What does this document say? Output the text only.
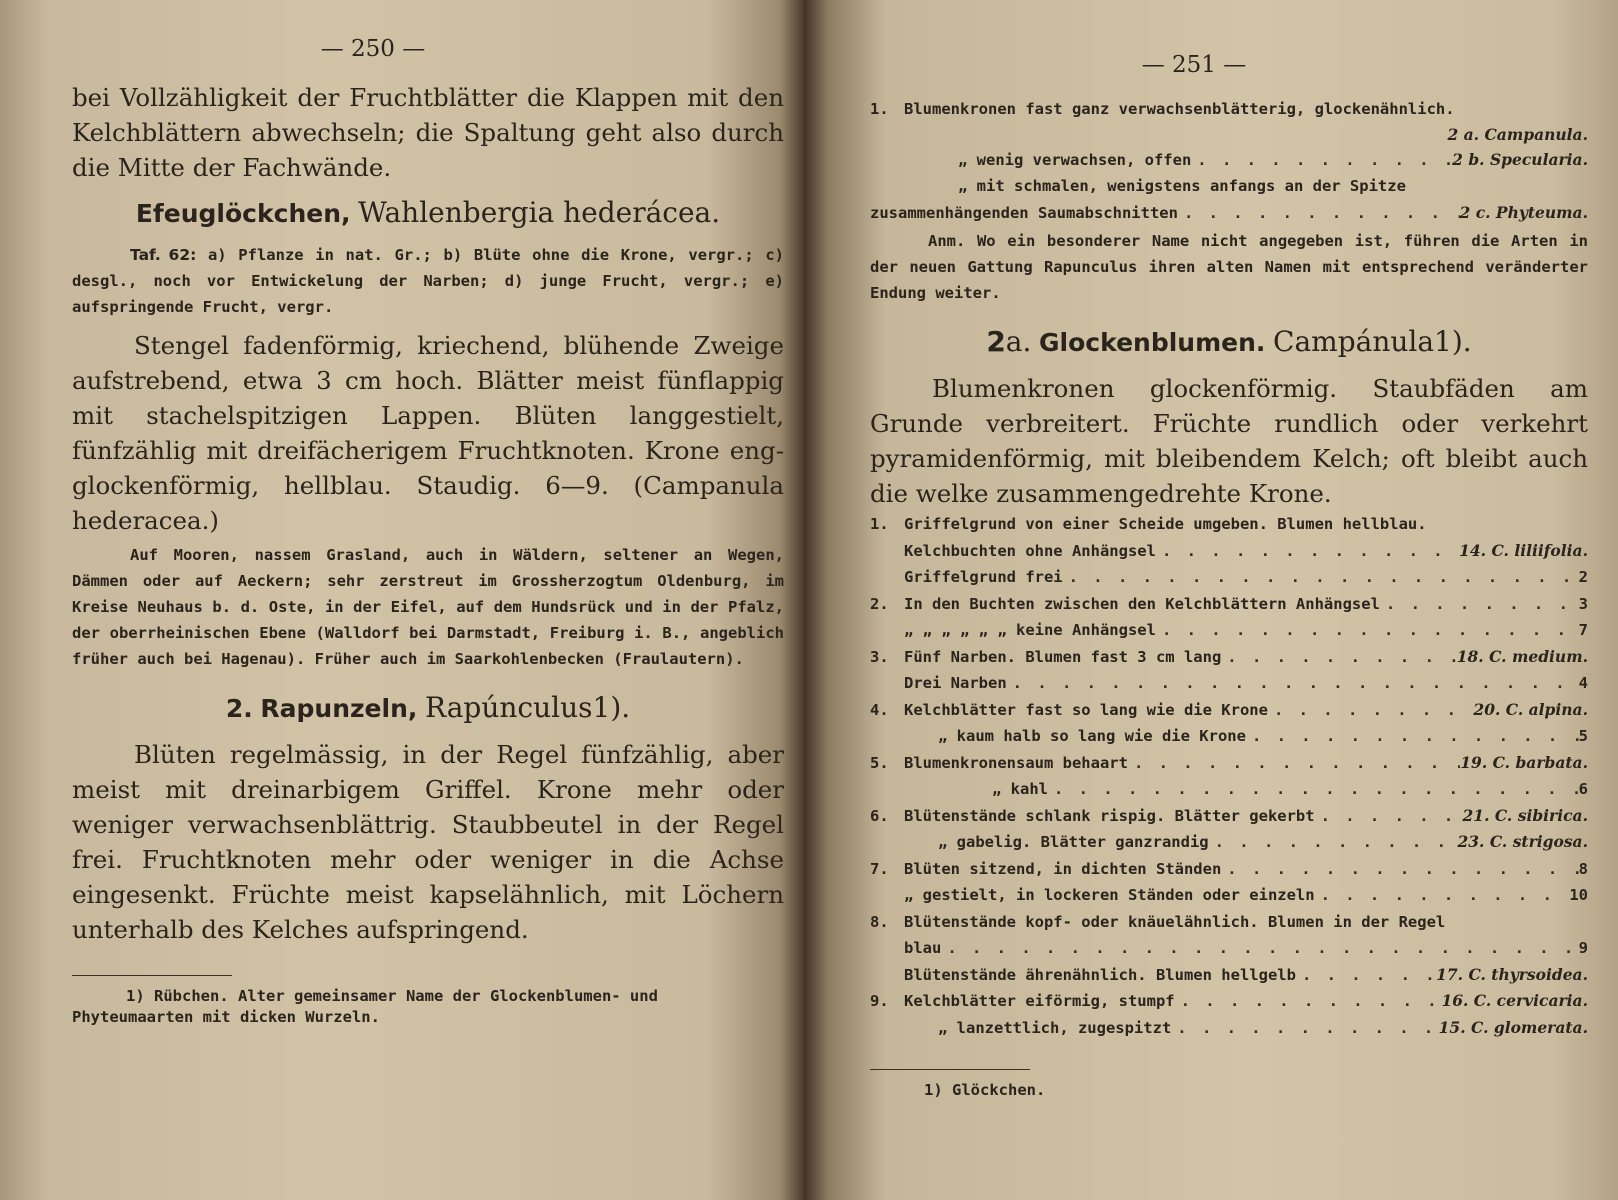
— 250 —

bei Vollzähligkeit der Fruchtblätter die Klappen mit den Kelchblättern abwechseln; die Spaltung geht also durch die Mitte der Fachwände.

Efeuglöckchen, Wahlenbergia hederácea.

Taf. 62: a) Pflanze in nat. Gr.; b) Blüte ohne die Krone, vergr.; c) desgl., noch vor Entwickelung der Narben; d) junge Frucht, vergr.; e) aufspringende Frucht, vergr.

Stengel fadenförmig, kriechend, blühende Zweige aufstrebend, etwa 3 cm hoch. Blätter meist fünflappig mit stachelspitzigen Lappen. Blüten langgestielt, fünfzählig mit dreifächerigem Fruchtknoten. Krone eng-glockenförmig, hellblau. Staudig. 6—9. (Campanula hederacea.)

Auf Mooren, nassem Grasland, auch in Wäldern, seltener an Wegen, Dämmen oder auf Aeckern; sehr zerstreut im Grossherzogtum Oldenburg, im Kreise Neuhaus b. d. Oste, in der Eifel, auf dem Hundsrück und in der Pfalz, der oberrheinischen Ebene (Walldorf bei Darmstadt, Freiburg i. B., angeblich früher auch bei Hagenau). Früher auch im Saarkohlenbecken (Fraulautern).

2. Rapunzeln, Rapúnculus1).

Blüten regelmässig, in der Regel fünfzählig, aber meist mit dreinarbigem Griffel. Krone mehr oder weniger verwachsenblättrig. Staubbeutel in der Regel frei. Fruchtknoten mehr oder weniger in die Achse eingesenkt. Früchte meist kapselähnlich, mit Löchern unterhalb des Kelches aufspringend.

1) Rübchen. Alter gemeinsamer Name der Glockenblumen- und Phyteumaarten mit dicken Wurzeln.

— 251 —
1. Blumenkronen fast ganz verwachsenblätterig, glockenähnlich.
2 a. Campanula.
„ wenig verwachsen, offen . . .	2 b. Specularia.
„ mit schmalen, wenigstens anfangs an der Spitze
zusammenhängenden Saumabschnitten . . .	2 c. Phyteuma.

Anm. Wo ein besonderer Name nicht angegeben ist, führen die Arten in der neuen Gattung Rapunculus ihren alten Namen mit entsprechend veränderter Endung weiter.

2a. Glockenblumen. Campánula1).

Blumenkronen glockenförmig. Staubfäden am Grunde verbreitert. Früchte rundlich oder verkehrt pyramidenförmig, mit bleibendem Kelch; oft bleibt auch die welke zusammengedrehte Krone.

1. Griffelgrund von einer Scheide umgeben. Blumen hellblau.
Kelchbuchten ohne Anhängsel . . .	14. C. liliifolia.
Griffelgrund frei . . .	2
2. In den Buchten zwischen den Kelchblättern Anhängsel . . .	3
„ „ „ „ „ „ keine Anhängsel . . .	7
3. Fünf Narben. Blumen fast 3 cm lang . . .	18. C. medium.
Drei Narben . . .	4
4. Kelchblätter fast so lang wie die Krone . . .	20. C. alpina.
„ kaum halb so lang wie die Krone . . .	5
5. Blumenkronensaum behaart . . .	19. C. barbata.
„ kahl . . .	6
6. Blütenstände schlank rispig. Blätter gekerbt . . .	21. C. sibirica.
„ gabelig. Blätter ganzrandig . . .	23. C. strigosa.
7. Blüten sitzend, in dichten Ständen . . .	8
„ gestielt, in lockeren Ständen oder einzeln . . .	10
8. Blütenstände kopf- oder knäuelähnlich. Blumen in der Regel
blau . . .	9
Blütenstände ährenähnlich. Blumen hellgelb . . .	17. C. thyrsoidea.
9. Kelchblätter eiförmig, stumpf . . .	16. C. cervicaria.
„ lanzettlich, zugespitzt . . .	15. C. glomerata.

1) Glöckchen.
